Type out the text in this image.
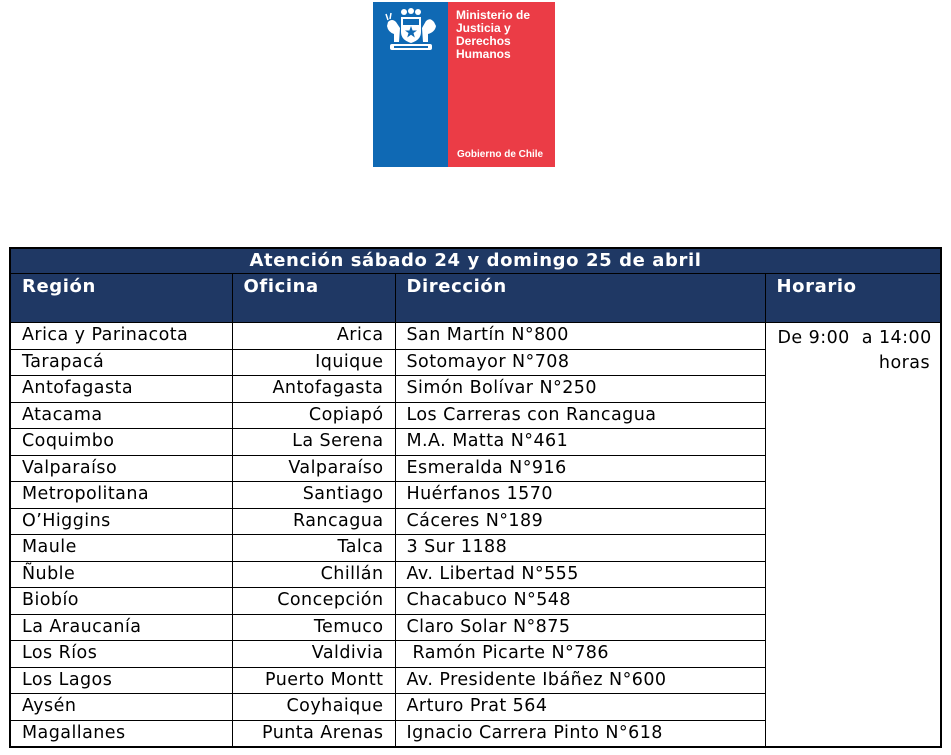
Ministerio de
Justicia y
Derechos
Humanos
Gobierno de Chile
Atención sábado 24 y domingo 25 de abril			
Región	Oficina	Dirección	Horario
Arica y Parinacota	Arica	San Martín N°800	De 9:00  a 14:00
horas

Tarapacá	Iquique	Sotomayor N°708	
Antofagasta	Antofagasta	Simón Bolívar N°250	
Atacama	Copiapó	Los Carreras con Rancagua	
Coquimbo	La Serena	M.A. Matta N°461	
Valparaíso	Valparaíso	Esmeralda N°916	
Metropolitana	Santiago	Huérfanos 1570	
O’Higgins	Rancagua	Cáceres N°189	
Maule	Talca	3 Sur 1188	
Ñuble	Chillán	Av. Libertad N°555	
Biobío	Concepción	Chacabuco N°548	
La Araucanía	Temuco	Claro Solar N°875	
Los Ríos	Valdivia	Ramón Picarte N°786	
Los Lagos	Puerto Montt	Av. Presidente Ibáñez N°600	
Aysén	Coyhaique	Arturo Prat 564	
Magallanes	Punta Arenas	Ignacio Carrera Pinto N°618	
